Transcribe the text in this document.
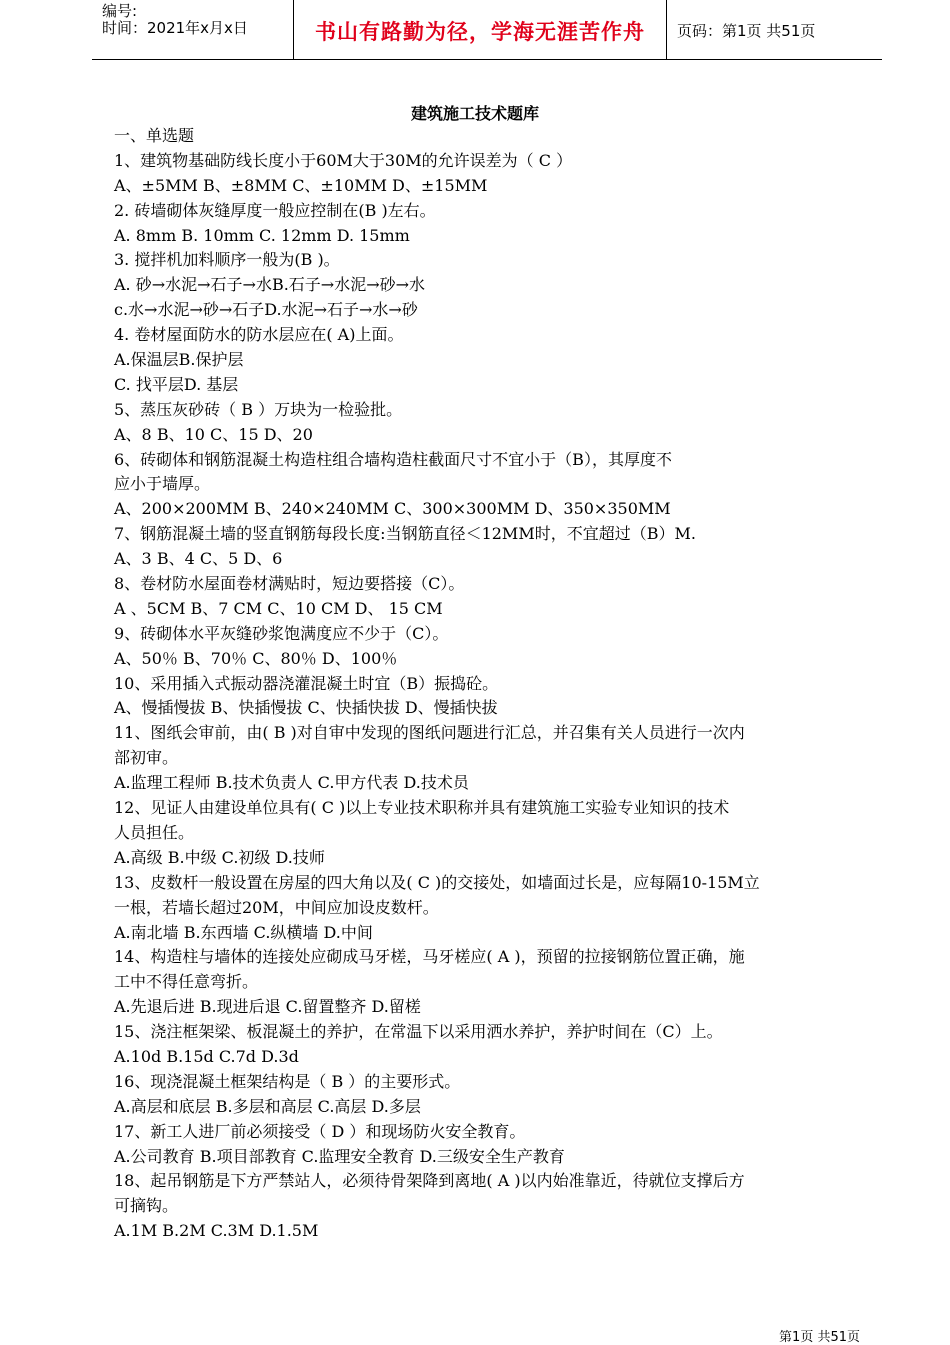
编号:
时间：2021年x月x日	书山有路勤为径，学海无涯苦作舟	页码：第1页 共51页
建筑施工技术题库
一、单选题
1、建筑物基础防线长度小于60M大于30M的允许误差为（ C ）
A、±5MM B、±8MM C、±10MM D、±15MM
2. 砖墙砌体灰缝厚度一般应控制在(B )左右。
A. 8mm B. 10mm C. 12mm D. 15mm
3. 搅拌机加料顺序一般为(B )。
A. 砂→水泥→石子→水B.石子→水泥→砂→水
c.水→水泥→砂→石子D.水泥→石子→水→砂
4. 卷材屋面防水的防水层应在( A)上面。
A.保温层B.保护层
C. 找平层D. 基层
5、蒸压灰砂砖（ B ）万块为一检验批。
A、8 B、10 C、15 D、20
6、砖砌体和钢筋混凝土构造柱组合墙构造柱截面尺寸不宜小于（B），其厚度不
应小于墙厚。
A、200×200MM B、240×240MM C、300×300MM D、350×350MM
7、钢筋混凝土墙的竖直钢筋每段长度:当钢筋直径＜12MM时，不宜超过（B）M.
A、3 B、4 C、5 D、6
8、卷材防水屋面卷材满贴时，短边要搭接（C）。
A 、5CM B、7 CM C、10 CM D、 15 CM
9、砖砌体水平灰缝砂浆饱满度应不少于（C）。
A、50％ B、70％ C、80％ D、100％
10、采用插入式振动器浇灌混凝土时宜（B）振捣砼。
A、慢插慢拔 B、快插慢拔 C、快插快拔 D、慢插快拔
11、图纸会审前，由( B )对自审中发现的图纸问题进行汇总，并召集有关人员进行一次内
部初审。
A.监理工程师 B.技术负责人 C.甲方代表 D.技术员
12、见证人由建设单位具有( C )以上专业技术职称并具有建筑施工实验专业知识的技术
人员担任。
A.高级 B.中级 C.初级 D.技师
13、皮数杆一般设置在房屋的四大角以及( C )的交接处，如墙面过长是，应每隔10-15M立
一根，若墙长超过20M，中间应加设皮数杆。
A.南北墙 B.东西墙 C.纵横墙 D.中间
14、构造柱与墙体的连接处应砌成马牙槎，马牙槎应( A )，预留的拉接钢筋位置正确，施
工中不得任意弯折。
A.先退后进 B.现进后退 C.留置整齐 D.留槎
15、浇注框架梁、板混凝土的养护，在常温下以采用洒水养护，养护时间在（C）上。
A.10d B.15d C.7d D.3d
16、现浇混凝土框架结构是（ B ）的主要形式。
A.高层和底层 B.多层和高层 C.高层 D.多层
17、新工人进厂前必须接受（ D ）和现场防火安全教育。
A.公司教育 B.项目部教育 C.监理安全教育 D.三级安全生产教育
18、起吊钢筋是下方严禁站人，必须待骨架降到离地( A )以内始准靠近，待就位支撑后方
可摘钩。
A.1M B.2M C.3M D.1.5M
第1页 共51页
